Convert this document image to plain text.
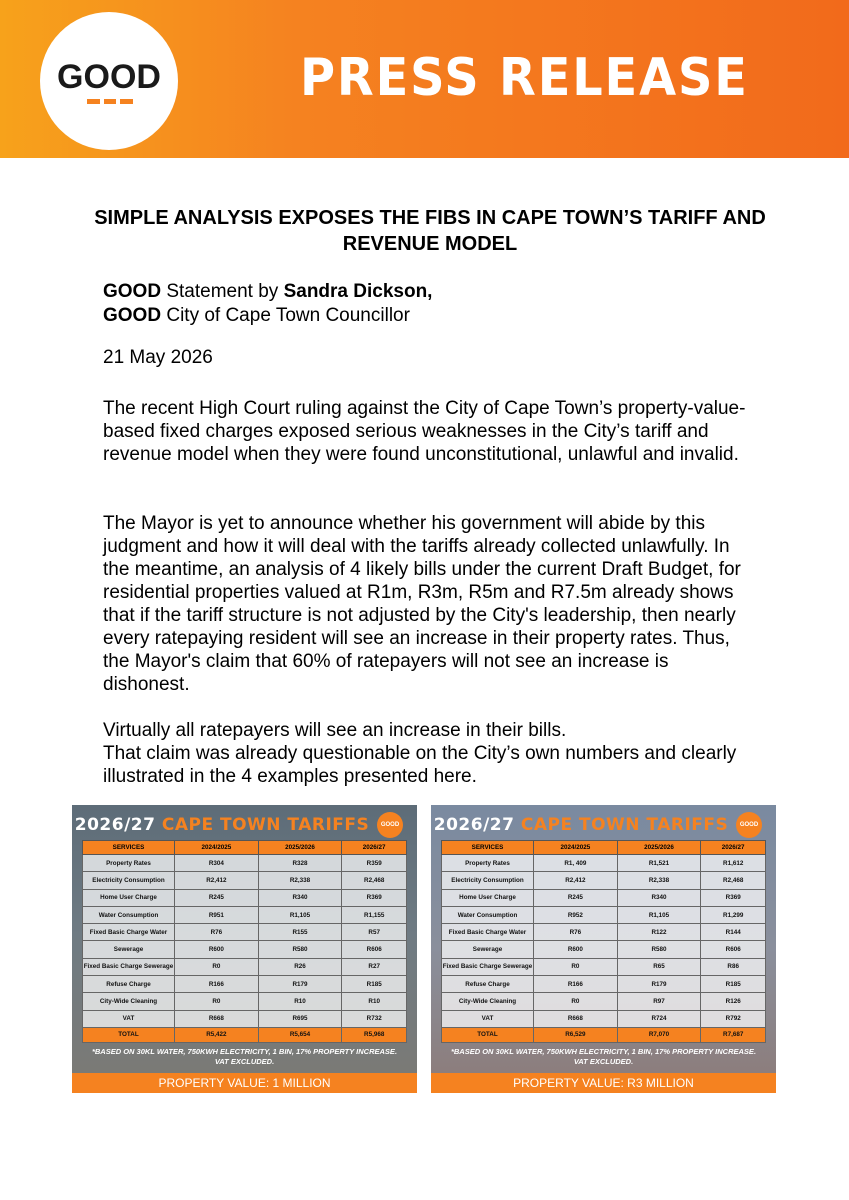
GOOD	PRESS RELEASE
SIMPLE ANALYSIS EXPOSES THE FIBS IN CAPE TOWN’S TARIFF AND REVENUE MODEL
GOOD Statement by Sandra Dickson,
GOOD City of Cape Town Councillor
21 May 2026
The recent High Court ruling against the City of Cape Town’s property-value-based fixed charges exposed serious weaknesses in the City’s tariff and revenue model when they were found unconstitutional, unlawful and invalid.
The Mayor is yet to announce whether his government will abide by this judgment and how it will deal with the tariffs already collected unlawfully. In the meantime, an analysis of 4 likely bills under the current Draft Budget, for residential properties valued at R1m, R3m, R5m and R7.5m already shows that if the tariff structure is not adjusted by the City's leadership, then nearly every ratepaying resident will see an increase in their property rates. Thus, the Mayor's claim that 60% of ratepayers will not see an increase is dishonest.
Virtually all ratepayers will see an increase in their bills.
That claim was already questionable on the City’s own numbers and clearly illustrated in the 4 examples presented here.
2026/27 CAPE TOWN TARIFFS	GOOD
SERVICES	2024/2025	2025/2026	2026/27
Property Rates	R304	R328	R359
Electricity Consumption	R2,412	R2,338	R2,468
Home User Charge	R245	R340	R369
Water Consumption	R951	R1,105	R1,155
Fixed Basic Charge Water	R76	R155	R57
Sewerage	R600	R580	R606
Fixed Basic Charge Sewerage	R0	R26	R27
Refuse Charge	R166	R179	R185
City-Wide Cleaning	R0	R10	R10
VAT	R668	R695	R732
TOTAL	R5,422	R5,654	R5,968
*BASED ON 30KL WATER, 750KWH ELECTRICITY, 1 BIN, 17% PROPERTY INCREASE.
VAT EXCLUDED.
PROPERTY VALUE: 1 MILLION
2026/27 CAPE TOWN TARIFFS	GOOD
SERVICES	2024/2025	2025/2026	2026/27
Property Rates	R1, 409	R1,521	R1,612
Electricity Consumption	R2,412	R2,338	R2,468
Home User Charge	R245	R340	R369
Water Consumption	R952	R1,105	R1,299
Fixed Basic Charge Water	R76	R122	R144
Sewerage	R600	R580	R606
Fixed Basic Charge Sewerage	R0	R65	R86
Refuse Charge	R166	R179	R185
City-Wide Cleaning	R0	R97	R126
VAT	R668	R724	R792
TOTAL	R6,529	R7,070	R7,687
*BASED ON 30KL WATER, 750KWH ELECTRICITY, 1 BIN, 17% PROPERTY INCREASE.
VAT EXCLUDED.
PROPERTY VALUE: R3 MILLION
